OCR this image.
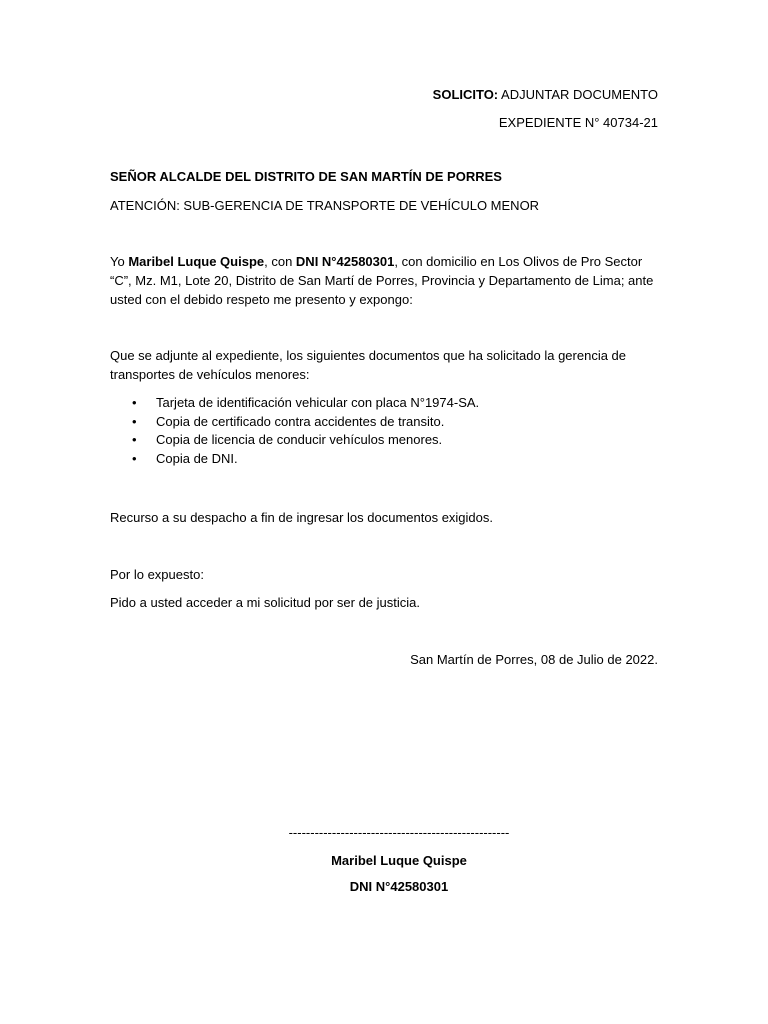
SOLICITO: ADJUNTAR DOCUMENTO

EXPEDIENTE N° 40734-21

SEÑOR ALCALDE DEL DISTRITO DE SAN MARTÍN DE PORRES

ATENCIÓN: SUB-GERENCIA DE TRANSPORTE DE VEHÍCULO MENOR

Yo Maribel Luque Quispe, con DNI N°42580301, con domicilio en Los Olivos de Pro Sector “C”, Mz. M1, Lote 20, Distrito de San Martí de Porres, Provincia y Departamento de Lima; ante usted con el debido respeto me presento y expongo:

Que se adjunte al expediente, los siguientes documentos que ha solicitado la gerencia de transportes de vehículos menores:

• Tarjeta de identificación vehicular con placa N°1974-SA.
• Copia de certificado contra accidentes de transito.
• Copia de licencia de conducir vehículos menores.
• Copia de DNI.

Recurso a su despacho a fin de ingresar los documentos exigidos.

Por lo expuesto:

Pido a usted acceder a mi solicitud por ser de justicia.

San Martín de Porres, 08 de Julio de 2022.

---------------------------------------------------

Maribel Luque Quispe

DNI N°42580301
